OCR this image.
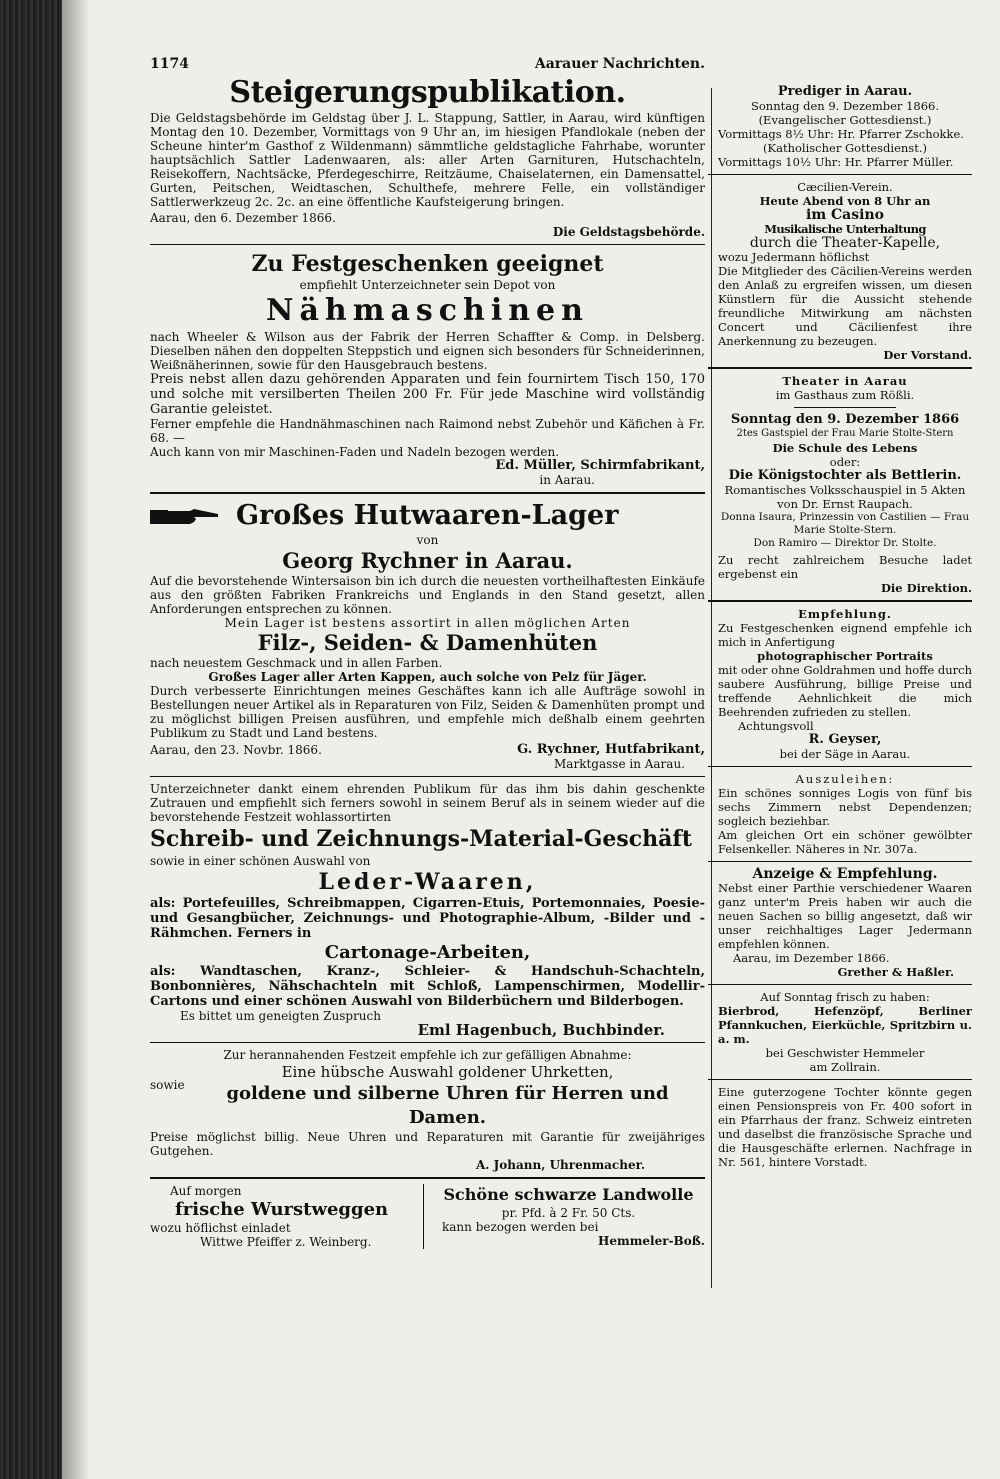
1174	Aarauer Nachrichten.

Steigerungspublikation.

Die Geldstagsbehörde im Geldstag über J. L. Stappung, Sattler, in Aarau, wird künftigen Montag den 10. Dezember, Vormittags von 9 Uhr an, im hiesigen Pfandlokale (neben der Scheune hinter'm Gasthof z Wildenmann) sämmtliche geldstagliche Fahrhabe, worunter hauptsächlich Sattler Ladenwaaren, als: aller Arten Garnituren, Hutschachteln, Reisekoffern, Nachtsäcke, Pferdegeschirre, Reitzäume, Chaiselaternen, ein Damensattel, Gurten, Peitschen, Weidtaschen, Schulthefe, mehrere Felle, ein vollständiger Sattlerwerkzeug 2c. 2c. an eine öffentliche Kaufsteigerung bringen.

Aarau, den 6. Dezember 1866.

Die Geldstagsbehörde.

Zu Festgeschenken geeignet

empfiehlt Unterzeichneter sein Depot von

Nähmaschinen

nach Wheeler & Wilson aus der Fabrik der Herren Schaffter & Comp. in Delsberg. Dieselben nähen den doppelten Steppstich und eignen sich besonders für Schneiderinnen, Weißnäherinnen, sowie für den Hausgebrauch bestens.

Preis nebst allen dazu gehörenden Apparaten und fein fournirtem Tisch 150, 170 und solche mit versilberten Theilen 200 Fr. Für jede Maschine wird vollständig Garantie geleistet.

Ferner empfehle die Handnähmaschinen nach Raimond nebst Zubehör und Käfichen à Fr. 68. —

Auch kann von mir Maschinen-Faden und Nadeln bezogen werden.

Ed. Müller, Schirmfabrikant,

in Aarau.

Großes Hutwaaren-Lager

von

Georg Rychner in Aarau.

Auf die bevorstehende Wintersaison bin ich durch die neuesten vortheilhaftesten Einkäufe aus den größten Fabriken Frankreichs und Englands in den Stand gesetzt, allen Anforderungen entsprechen zu können.

Mein Lager ist bestens assortirt in allen möglichen Arten

Filz-, Seiden- & Damenhüten

nach neuestem Geschmack und in allen Farben.

Großes Lager aller Arten Kappen, auch solche von Pelz für Jäger.

Durch verbesserte Einrichtungen meines Geschäftes kann ich alle Aufträge sowohl in Bestellungen neuer Artikel als in Reparaturen von Filz, Seiden & Damenhüten prompt und zu möglichst billigen Preisen ausführen, und empfehle mich deßhalb einem geehrten Publikum zu Stadt und Land bestens.

Aarau, den 23. Novbr. 1866.	G. Rychner, Hutfabrikant,

Marktgasse in Aarau.

Unterzeichneter dankt einem ehrenden Publikum für das ihm bis dahin geschenkte Zutrauen und empfiehlt sich ferners sowohl in seinem Beruf als in seinem wieder auf die bevorstehende Festzeit wohlassortirten

Schreib- und Zeichnungs-Material-Geschäft

sowie in einer schönen Auswahl von

Leder-Waaren,

als: Portefeuilles, Schreibmappen, Cigarren-Etuis, Portemonnaies, Poesie- und Gesangbücher, Zeichnungs- und Photographie-Album, -Bilder und -Rähmchen. Ferners in

Cartonage-Arbeiten,

als: Wandtaschen, Kranz-, Schleier- & Handschuh-Schachteln, Bonbonnières, Nähschachteln mit Schloß, Lampenschirmen, Modellir-Cartons und einer schönen Auswahl von Bilderbüchern und Bilderbogen.

Es bittet um geneigten Zuspruch

Eml Hagenbuch, Buchbinder.

Zur herannahenden Festzeit empfehle ich zur gefälligen Abnahme:

sowie
Eine hübsche Auswahl goldener Uhrketten,
goldene und silberne Uhren für Herren und Damen.

Preise möglichst billig. Neue Uhren und Reparaturen mit Garantie für zweijähriges Gutgehen.

A. Johann, Uhrenmacher.

Auf morgen

frische Wurstweggen

wozu höflichst einladet

Wittwe Pfeiffer z. Weinberg.

Schöne schwarze Landwolle

pr. Pfd. à 2 Fr. 50 Cts.

kann bezogen werden bei

Hemmeler-Boß.

Prediger in Aarau.

Sonntag den 9. Dezember 1866.

(Evangelischer Gottesdienst.)

Vormittags 8½ Uhr: Hr. Pfarrer Zschokke.

(Katholischer Gottesdienst.)

Vormittags 10½ Uhr: Hr. Pfarrer Müller.

Cæcilien-Verein.

Heute Abend von 8 Uhr an

im Casino

Musikalische Unterhaltung

durch die Theater-Kapelle,

wozu Jedermann höflichst

Die Mitglieder des Cäcilien-Vereins werden den Anlaß zu ergreifen wissen, um diesen Künstlern für die Aussicht stehende freundliche Mitwirkung am nächsten Concert und Cäcilienfest ihre Anerkennung zu bezeugen.

Der Vorstand.

Theater in Aarau

im Gasthaus zum Rößli.

Sonntag den 9. Dezember 1866

2tes Gastspiel der Frau Marie Stolte-Stern

Die Schule des Lebens

oder:

Die Königstochter als Bettlerin.

Romantisches Volksschauspiel in 5 Akten von Dr. Ernst Raupach.

Donna Isaura, Prinzessin von Castilien — Frau Marie Stolte-Stern.

Don Ramiro — Direktor Dr. Stolte.

Zu recht zahlreichem Besuche ladet ergebenst ein

Die Direktion.

Empfehlung.

Zu Festgeschenken eignend empfehle ich mich in Anfertigung

photographischer Portraits

mit oder ohne Goldrahmen und hoffe durch saubere Ausführung, billige Preise und treffende Aehnlichkeit die mich Beehrenden zufrieden zu stellen.

Achtungsvoll

R. Geyser,

bei der Säge in Aarau.

Auszuleihen:

Ein schönes sonniges Logis von fünf bis sechs Zimmern nebst Dependenzen; sogleich beziehbar.

Am gleichen Ort ein schöner gewölbter Felsenkeller. Näheres in Nr. 307a.

Anzeige & Empfehlung.

Nebst einer Parthie verschiedener Waaren ganz unter'm Preis haben wir auch die neuen Sachen so billig angesetzt, daß wir unser reichhaltiges Lager Jedermann empfehlen können.

Aarau, im Dezember 1866.

Grether & Haßler.

Auf Sonntag frisch zu haben:

Bierbrod, Hefenzöpf, Berliner Pfannkuchen, Eierküchle, Spritzbirn u. a. m.

bei Geschwister Hemmeler

am Zollrain.

Eine guterzogene Tochter könnte gegen einen Pensionspreis von Fr. 400 sofort in ein Pfarrhaus der franz. Schweiz eintreten und daselbst die französische Sprache und die Hausgeschäfte erlernen. Nachfrage in Nr. 561, hintere Vorstadt.
